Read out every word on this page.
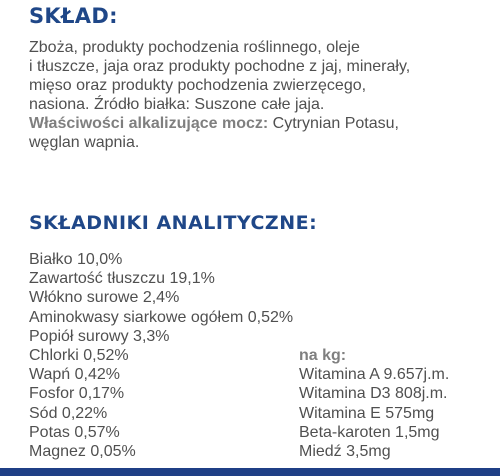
SKŁAD:

Zboża, produkty pochodzenia roślinnego, oleje
i tłuszcze, jaja oraz produkty pochodne z jaj, minerały,
mięso oraz produkty pochodzenia zwierzęcego,
nasiona. Źródło białka: Suszone całe jaja.
Właściwości alkalizujące mocz: Cytrynian Potasu,
węglan wapnia.

SKŁADNIKI ANALITYCZNE:
Białko 10,0%
Zawartość tłuszczu 19,1%
Włókno surowe 2,4%
Aminokwasy siarkowe ogółem 0,52%
Popiół surowy 3,3%
Chlorki 0,52%
Wapń 0,42%
Fosfor 0,17%
Sód 0,22%
Potas 0,57%
Magnez 0,05%
na kg:
Witamina A 9.657j.m.
Witamina D3 808j.m.
Witamina E 575mg
Beta-karoten 1,5mg
Miedź 3,5mg
